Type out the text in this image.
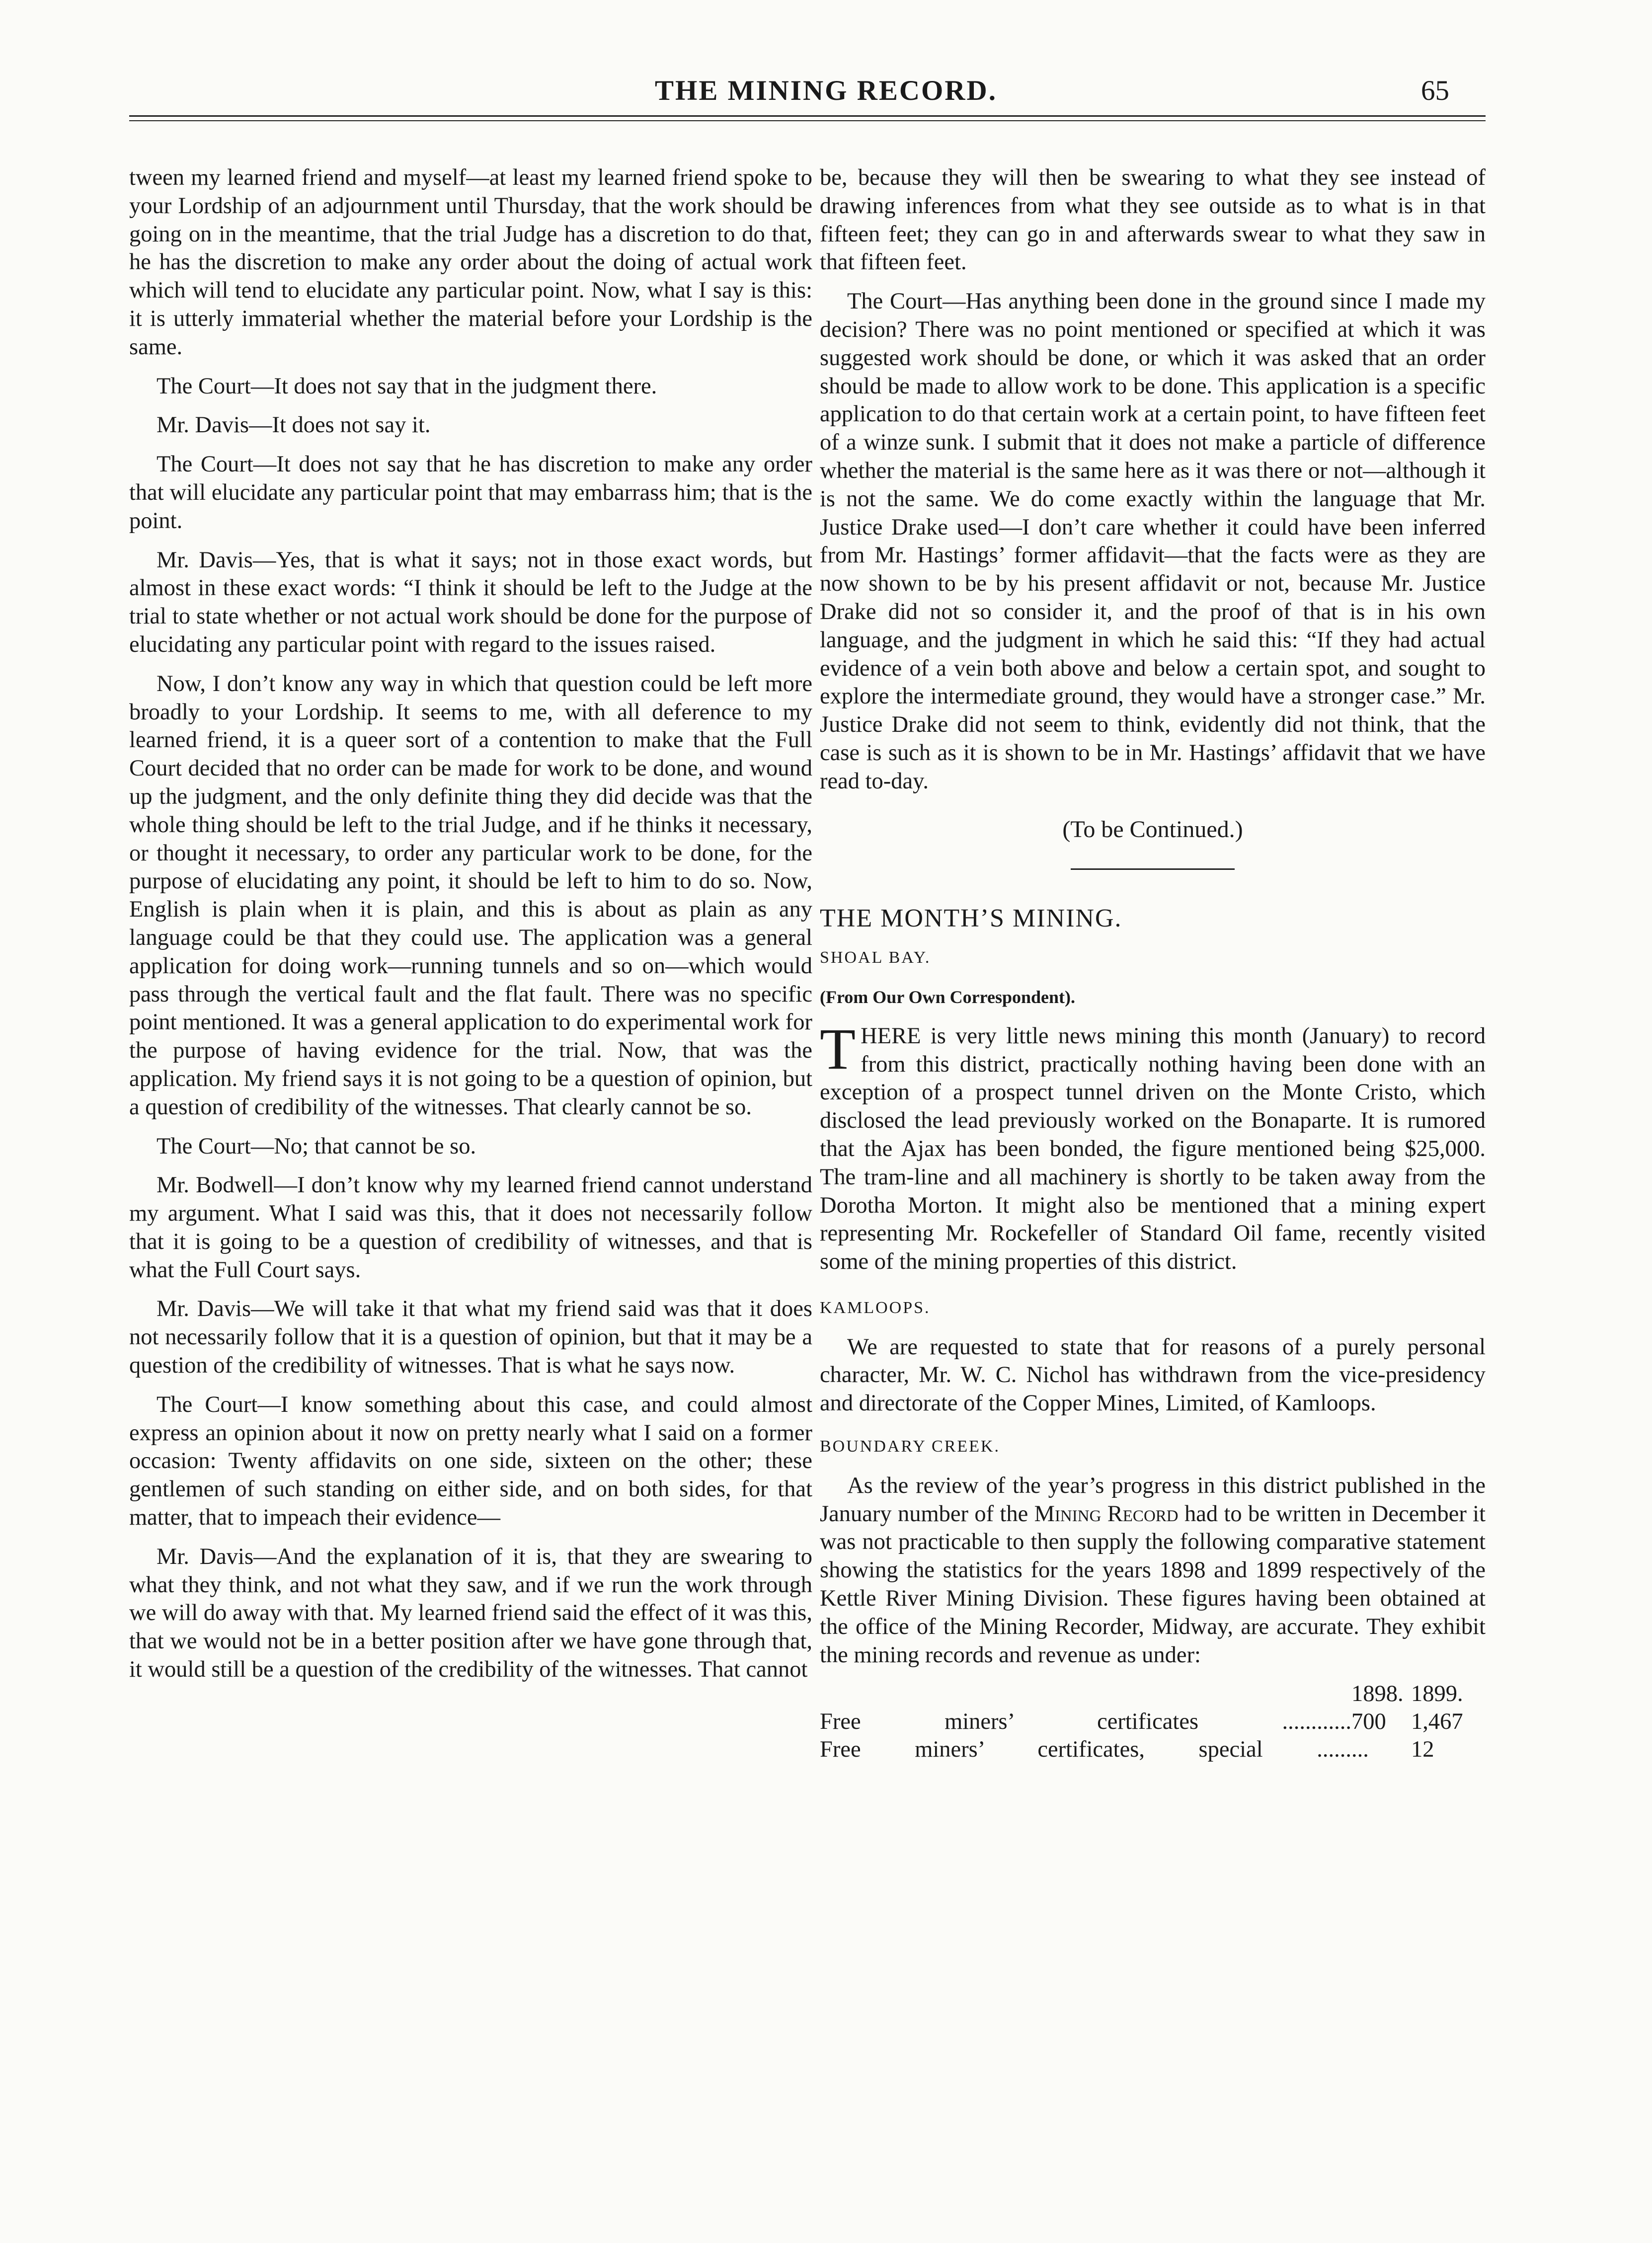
THE MINING RECORD.	65

tween my learned friend and myself—at least my learned friend spoke to your Lordship of an adjournment until Thursday, that the work should be going on in the meantime, that the trial Judge has a discretion to do that, he has the discretion to make any order about the doing of actual work which will tend to elucidate any particular point. Now, what I say is this: it is utterly immaterial whether the material before your Lordship is the same.

The Court—It does not say that in the judgment there.

Mr. Davis—It does not say it.

The Court—It does not say that he has discretion to make any order that will elucidate any particular point that may embarrass him; that is the point.

Mr. Davis—Yes, that is what it says; not in those exact words, but almost in these exact words: “I think it should be left to the Judge at the trial to state whether or not actual work should be done for the purpose of elucidating any particular point with regard to the issues raised.

Now, I don’t know any way in which that question could be left more broadly to your Lordship. It seems to me, with all deference to my learned friend, it is a queer sort of a contention to make that the Full Court decided that no order can be made for work to be done, and wound up the judgment, and the only definite thing they did decide was that the whole thing should be left to the trial Judge, and if he thinks it necessary, or thought it necessary, to order any particular work to be done, for the purpose of elucidating any point, it should be left to him to do so. Now, English is plain when it is plain, and this is about as plain as any language could be that they could use. The application was a general application for doing work—running tunnels and so on—which would pass through the vertical fault and the flat fault. There was no specific point mentioned. It was a general application to do experimental work for the purpose of having evidence for the trial. Now, that was the application. My friend says it is not going to be a question of opinion, but a question of credibility of the witnesses. That clearly cannot be so.

The Court—No; that cannot be so.

Mr. Bodwell—I don’t know why my learned friend cannot understand my argument. What I said was this, that it does not necessarily follow that it is going to be a question of credibility of witnesses, and that is what the Full Court says.

Mr. Davis—We will take it that what my friend said was that it does not necessarily follow that it is a question of opinion, but that it may be a question of the credibility of witnesses. That is what he says now.

The Court—I know something about this case, and could almost express an opinion about it now on pretty nearly what I said on a former occasion: Twenty affidavits on one side, sixteen on the other; these gentlemen of such standing on either side, and on both sides, for that matter, that to impeach their evidence—

Mr. Davis—And the explanation of it is, that they are swearing to what they think, and not what they saw, and if we run the work through we will do away with that. My learned friend said the effect of it was this, that we would not be in a better position after we have gone through that, it would still be a question of the credibility of the witnesses. That cannot

be, because they will then be swearing to what they see instead of drawing inferences from what they see outside as to what is in that fifteen feet; they can go in and afterwards swear to what they saw in that fifteen feet.

The Court—Has anything been done in the ground since I made my decision? There was no point mentioned or specified at which it was suggested work should be done, or which it was asked that an order should be made to allow work to be done. This application is a specific application to do that certain work at a certain point, to have fifteen feet of a winze sunk. I submit that it does not make a particle of difference whether the material is the same here as it was there or not—although it is not the same. We do come exactly within the language that Mr. Justice Drake used—I don’t care whether it could have been inferred from Mr. Hastings’ former affidavit—that the facts were as they are now shown to be by his present affidavit or not, because Mr. Justice Drake did not so consider it, and the proof of that is in his own language, and the judgment in which he said this: “If they had actual evidence of a vein both above and below a certain spot, and sought to explore the intermediate ground, they would have a stronger case.” Mr. Justice Drake did not seem to think, evidently did not think, that the case is such as it is shown to be in Mr. Hastings’ affidavit that we have read to-day.

(To be Continued.)

THE MONTH’S MINING.

SHOAL BAY.

(From Our Own Correspondent).

THERE is very little news mining this month (January) to record from this district, practically nothing having been done with an exception of a prospect tunnel driven on the Monte Cristo, which disclosed the lead previously worked on the Bonaparte. It is rumored that the Ajax has been bonded, the figure mentioned being $25,000. The tram-line and all machinery is shortly to be taken away from the Dorotha Morton. It might also be mentioned that a mining expert representing Mr. Rockefeller of Standard Oil fame, recently visited some of the mining properties of this district.

KAMLOOPS.

We are requested to state that for reasons of a purely personal character, Mr. W. C. Nichol has withdrawn from the vice-presidency and directorate of the Copper Mines, Limited, of Kamloops.

BOUNDARY CREEK.

As the review of the year’s progress in this district published in the January number of the Mining Record had to be written in December it was not practicable to then supply the following comparative statement showing the statistics for the years 1898 and 1899 respectively of the Kettle River Mining Division. These figures having been obtained at the office of the Mining Recorder, Midway, are accurate. They exhibit the mining records and revenue as under:

1898. 1899.
Free miners’ certificates ............ 700	1,467
Free miners’ certificates, special ...... ...	12
